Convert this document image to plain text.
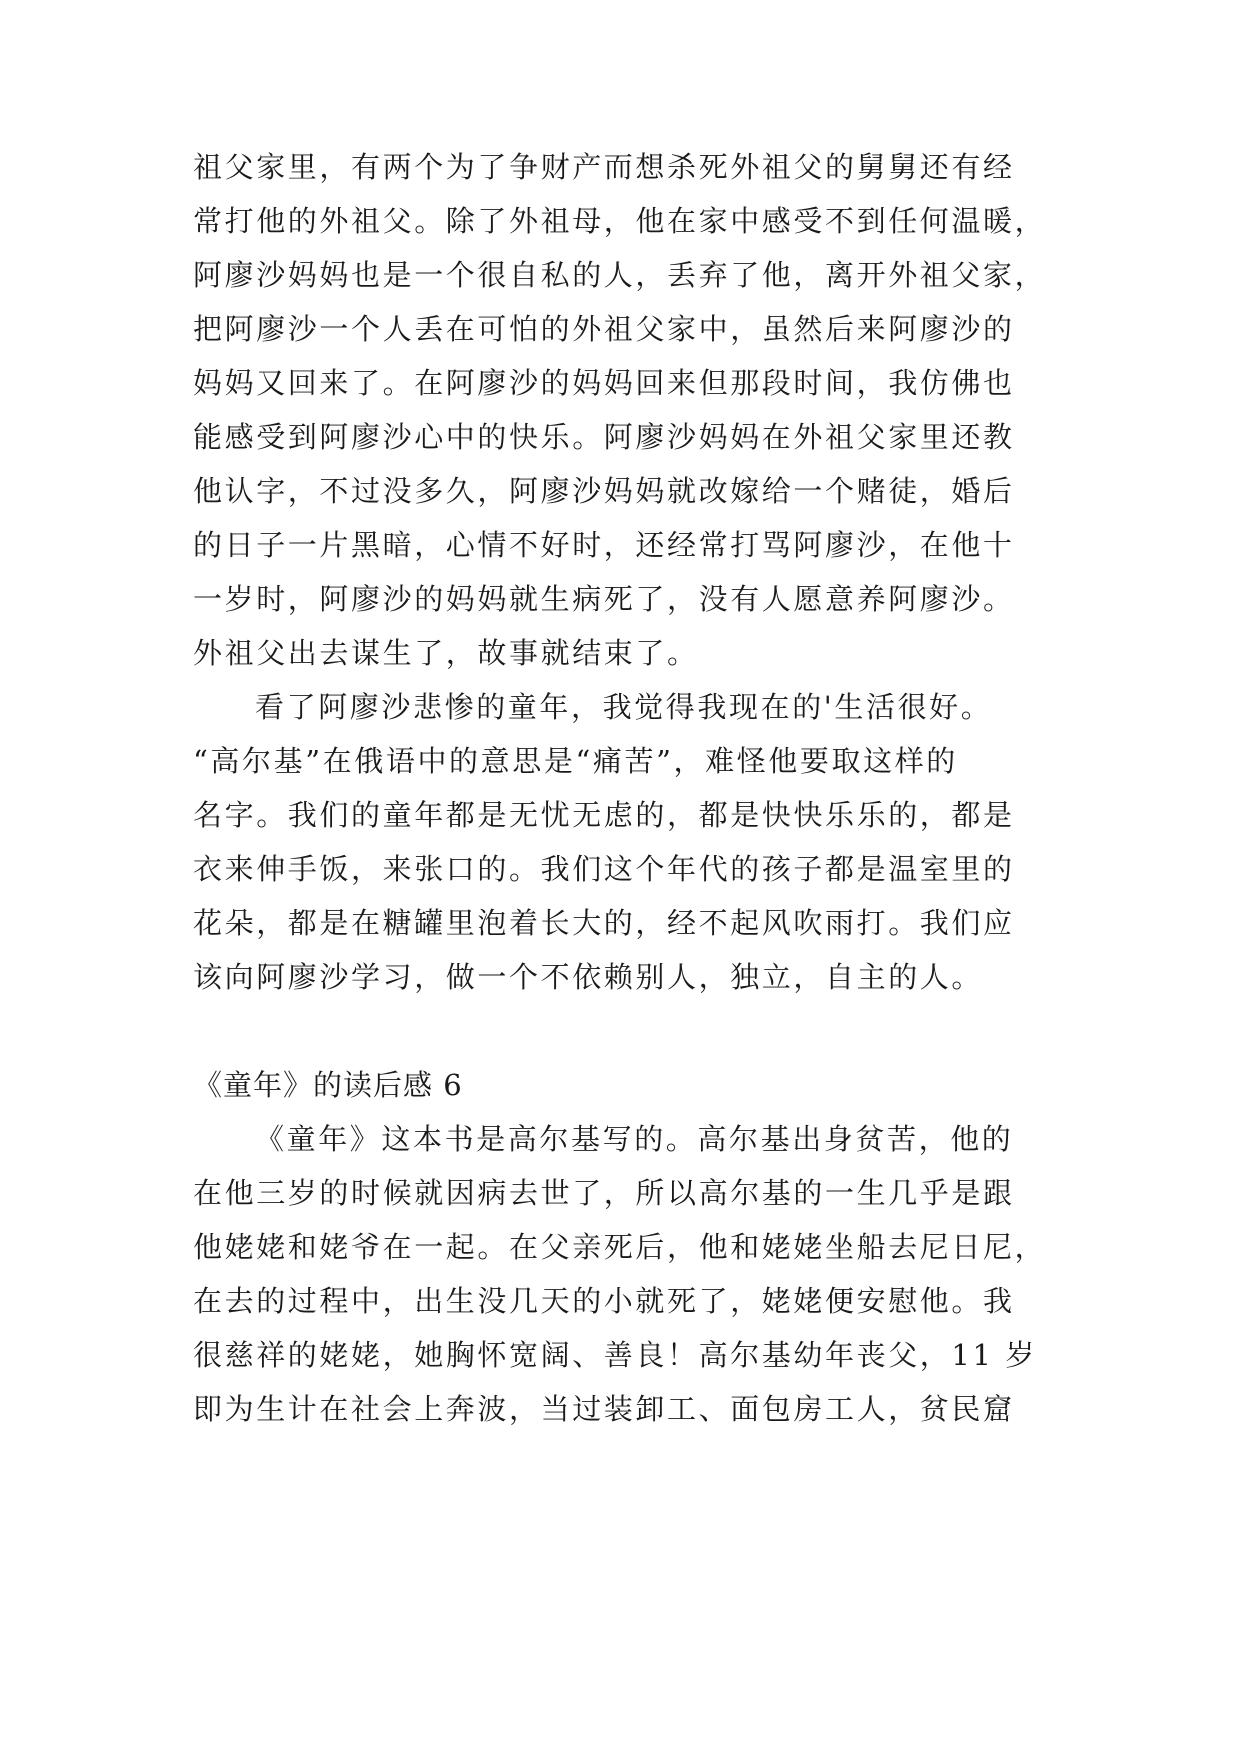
祖父家里，有两个为了争财产而想杀死外祖父的舅舅还有经
常打他的外祖父。除了外祖母，他在家中感受不到任何温暖，
阿廖沙妈妈也是一个很自私的人，丢弃了他，离开外祖父家，
把阿廖沙一个人丢在可怕的外祖父家中，虽然后来阿廖沙的
妈妈又回来了。在阿廖沙的妈妈回来但那段时间，我仿佛也
能感受到阿廖沙心中的快乐。阿廖沙妈妈在外祖父家里还教
他认字，不过没多久，阿廖沙妈妈就改嫁给一个赌徒，婚后
的日子一片黑暗，心情不好时，还经常打骂阿廖沙，在他十
一岁时，阿廖沙的妈妈就生病死了，没有人愿意养阿廖沙。
外祖父出去谋生了，故事就结束了。
看了阿廖沙悲惨的童年，我觉得我现在的'生活很好。
“高尔基”在俄语中的意思是“痛苦”，难怪他要取这样的
名字。我们的童年都是无忧无虑的，都是快快乐乐的，都是
衣来伸手饭，来张口的。我们这个年代的孩子都是温室里的
花朵，都是在糖罐里泡着长大的，经不起风吹雨打。我们应
该向阿廖沙学习，做一个不依赖别人，独立，自主的人。
《童年》的读后感 6
《童年》这本书是高尔基写的。高尔基出身贫苦，他的
在他三岁的时候就因病去世了，所以高尔基的一生几乎是跟
他姥姥和姥爷在一起。在父亲死后，他和姥姥坐船去尼日尼，
在去的过程中，出生没几天的小就死了，姥姥便安慰他。我
很慈祥的姥姥，她胸怀宽阔、善良！高尔基幼年丧父，11 岁
即为生计在社会上奔波，当过装卸工、面包房工人，贫民窟
